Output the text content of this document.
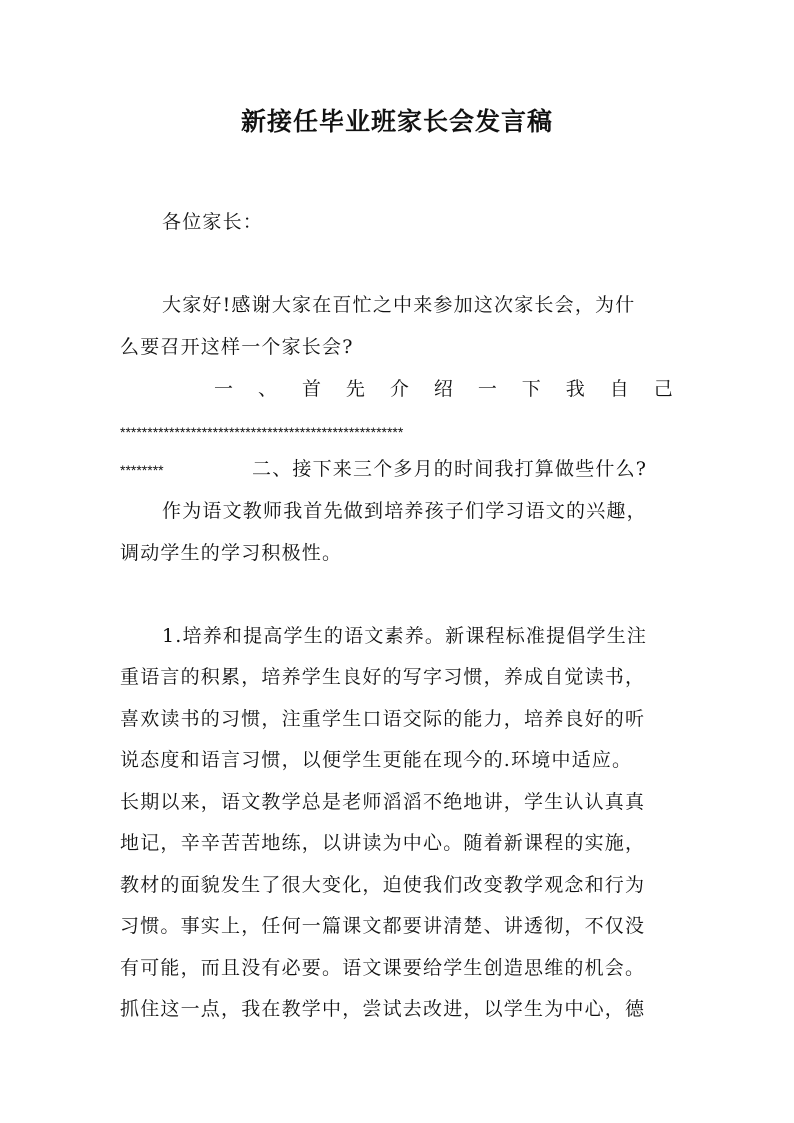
新接任毕业班家长会发言稿
各位家长：
大家好!感谢大家在百忙之中来参加这次家长会，为什
么要召开这样一个家长会?
一 、 首 先 介 绍 一 下 我 自 己
****************************************************
********	二、接下来三个多月的时间我打算做些什么?
作为语文教师我首先做到培养孩子们学习语文的兴趣，
调动学生的学习积极性。
1.培养和提高学生的语文素养。新课程标准提倡学生注
重语言的积累，培养学生良好的写字习惯，养成自觉读书，
喜欢读书的习惯，注重学生口语交际的能力，培养良好的听
说态度和语言习惯，以便学生更能在现今的.环境中适应。
长期以来，语文教学总是老师滔滔不绝地讲，学生认认真真
地记，辛辛苦苦地练，以讲读为中心。随着新课程的实施，
教材的面貌发生了很大变化，迫使我们改变教学观念和行为
习惯。事实上，任何一篇课文都要讲清楚、讲透彻，不仅没
有可能，而且没有必要。语文课要给学生创造思维的机会。
抓住这一点，我在教学中，尝试去改进，以学生为中心，德
